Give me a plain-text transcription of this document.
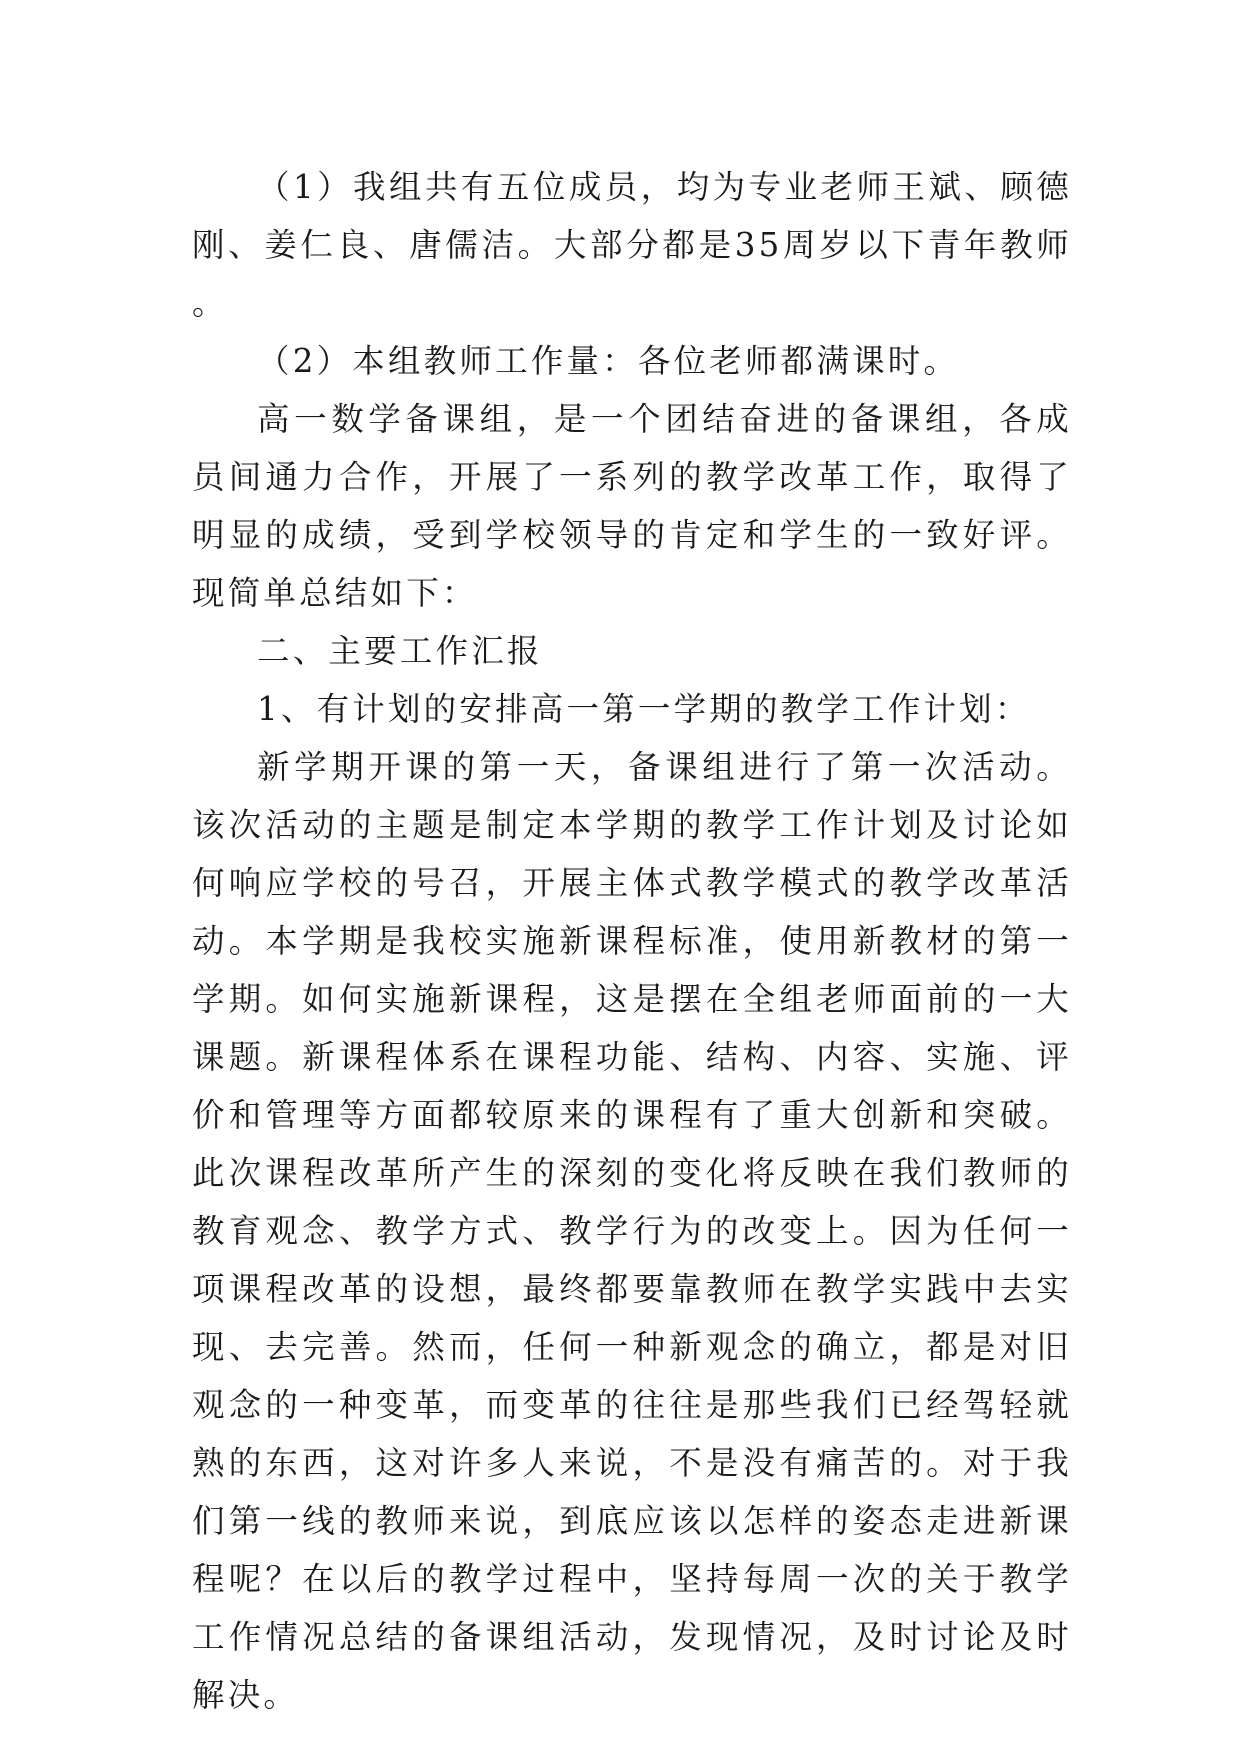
（1）我组共有五位成员，均为专业老师王斌、顾德刚、姜仁良、唐儒洁。大部分都是35周岁以下青年教师。

（2）本组教师工作量：各位老师都满课时。

高一数学备课组，是一个团结奋进的备课组，各成员间通力合作，开展了一系列的教学改革工作，取得了明显的成绩，受到学校领导的肯定和学生的一致好评。现简单总结如下：

二、主要工作汇报

1、有计划的安排高一第一学期的教学工作计划：

新学期开课的第一天，备课组进行了第一次活动。该次活动的主题是制定本学期的教学工作计划及讨论如何响应学校的号召，开展主体式教学模式的教学改革活动。本学期是我校实施新课程标准，使用新教材的第一学期。如何实施新课程，这是摆在全组老师面前的一大课题。新课程体系在课程功能、结构、内容、实施、评价和管理等方面都较原来的课程有了重大创新和突破。此次课程改革所产生的深刻的变化将反映在我们教师的教育观念、教学方式、教学行为的改变上。因为任何一项课程改革的设想，最终都要靠教师在教学实践中去实现、去完善。然而，任何一种新观念的确立，都是对旧观念的一种变革，而变革的往往是那些我们已经驾轻就熟的东西，这对许多人来说，不是没有痛苦的。对于我们第一线的教师来说，到底应该以怎样的姿态走进新课程呢？在以后的教学过程中，坚持每周一次的关于教学工作情况总结的备课组活动，发现情况，及时讨论及时解决。
